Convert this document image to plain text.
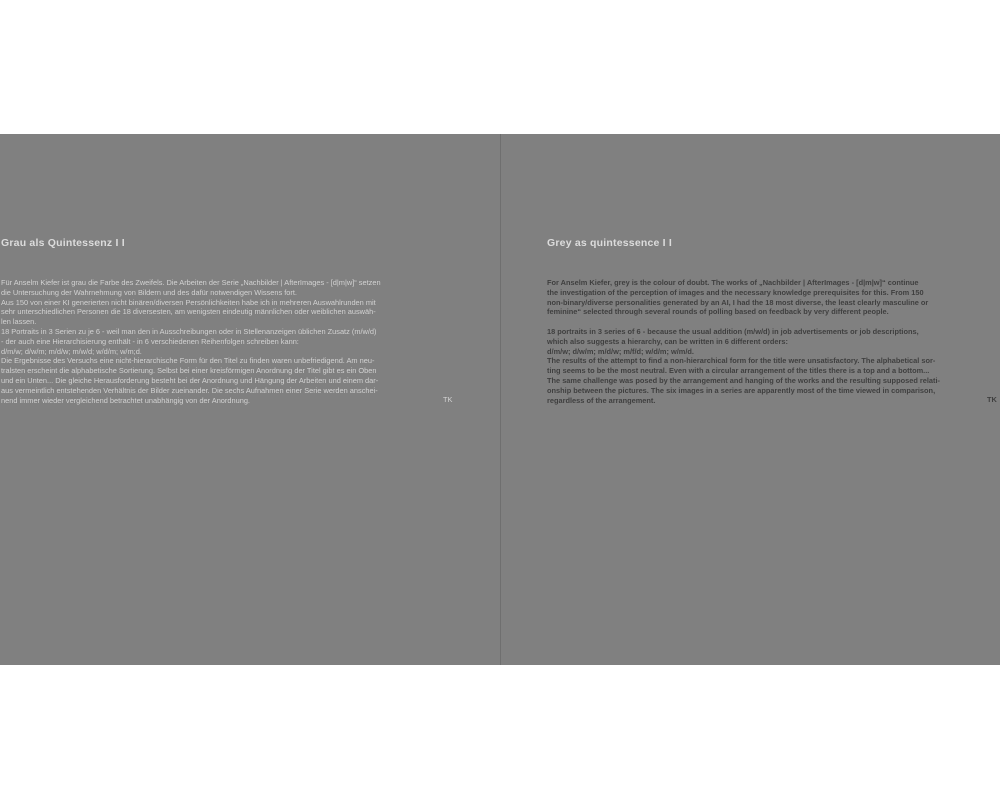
Grau als Quintessenz I I

Für Anselm Kiefer ist grau die Farbe des Zweifels. Die Arbeiten der Serie „Nachbilder | AfterImages - [d|m|w]“ setzen

die Untersuchung der Wahrnehmung von Bildern und des dafür notwendigen Wissens fort.

Aus 150 von einer KI generierten nicht binären/diversen Persönlichkeiten habe ich in mehreren Auswahlrunden mit

sehr unterschiedlichen Personen die 18 diversesten, am wenigsten eindeutig männlichen oder weiblichen auswäh-

len lassen.

18 Portraits in 3 Serien zu je 6 - weil man den in Ausschreibungen oder in Stellenanzeigen üblichen Zusatz (m/w/d)

- der auch eine Hierarchisierung enthält - in 6 verschiedenen Reihenfolgen schreiben kann:

d/m/w; d/w/m; m/d/w; m/w/d; w/d/m; w/m;d.

Die Ergebnisse des Versuchs eine nicht-hierarchische Form für den Titel zu finden waren unbefriedigend. Am neu-

tralsten erscheint die alphabetische Sortierung. Selbst bei einer kreisförmigen Anordnung der Titel gibt es ein Oben

und ein Unten... Die gleiche Herausforderung besteht bei der Anordnung und Hängung der Arbeiten und einem dar-

aus vermeintlich entstehenden Verhältnis der Bilder zueinander. Die sechs Aufnahmen einer Serie werden anschei-

nend immer wieder vergleichend betrachtet unabhängig von der Anordnung.	TK
Grey as quintessence I I

For Anselm Kiefer, grey is the colour of doubt. The works of „Nachbilder | AfterImages - [d|m|w]“ continue

the investigation of the perception of images and the necessary knowledge prerequisites for this. From 150

non-binary/diverse personalities generated by an AI, I had the 18 most diverse, the least clearly masculine or

feminine“ selected through several rounds of polling based on feedback by very different people.

18 portraits in 3 series of 6 - because the usual addition (m/w/d) in job advertisements or job descriptions,

which also suggests a hierarchy, can be written in 6 different orders:

d/m/w; d/w/m; m/d/w; m/f/d; w/d/m; w/m/d.

The results of the attempt to find a non-hierarchical form for the title were unsatisfactory. The alphabetical sor-

ting seems to be the most neutral. Even with a circular arrangement of the titles there is a top and a bottom...

The same challenge was posed by the arrangement and hanging of the works and the resulting supposed relati-

onship between the pictures. The six images in a series are apparently most of the time viewed in comparison,

regardless of the arrangement.	TK
